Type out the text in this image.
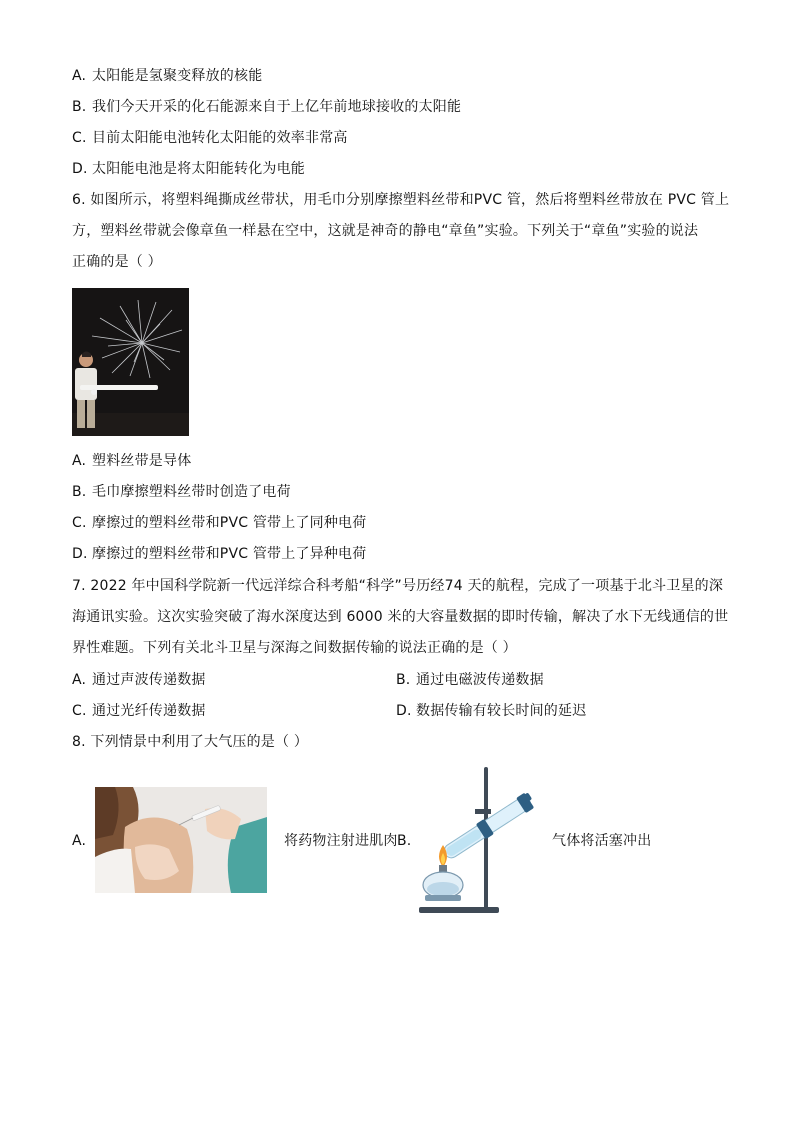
A. 太阳能是氢聚变释放的核能
B. 我们今天开采的化石能源来自于上亿年前地球接收的太阳能
C. 目前太阳能电池转化太阳能的效率非常高
D. 太阳能电池是将太阳能转化为电能
6. 如图所示，将塑料绳撕成丝带状，用毛巾分别摩擦塑料丝带和PVC 管，然后将塑料丝带放在 PVC 管上
方，塑料丝带就会像章鱼一样悬在空中，这就是神奇的静电“章鱼”实验。下列关于“章鱼”实验的说法
正确的是（ ）
A. 塑料丝带是导体
B. 毛巾摩擦塑料丝带时创造了电荷
C. 摩擦过的塑料丝带和PVC 管带上了同种电荷
D. 摩擦过的塑料丝带和PVC 管带上了异种电荷
7. 2022 年中国科学院新一代远洋综合科考船“科学”号历经74 天的航程，完成了一项基于北斗卫星的深
海通讯实验。这次实验突破了海水深度达到 6000 米的大容量数据的即时传输，解决了水下无线通信的世
界性难题。下列有关北斗卫星与深海之间数据传输的说法正确的是（ ）
A. 通过声波传递数据	B. 通过电磁波传递数据
C. 通过光纤传递数据	D. 数据传输有较长时间的延迟
8. 下列情景中利用了大气压的是（ ）
A.	将药物注射进肌肉 B.	气体将活塞冲出
